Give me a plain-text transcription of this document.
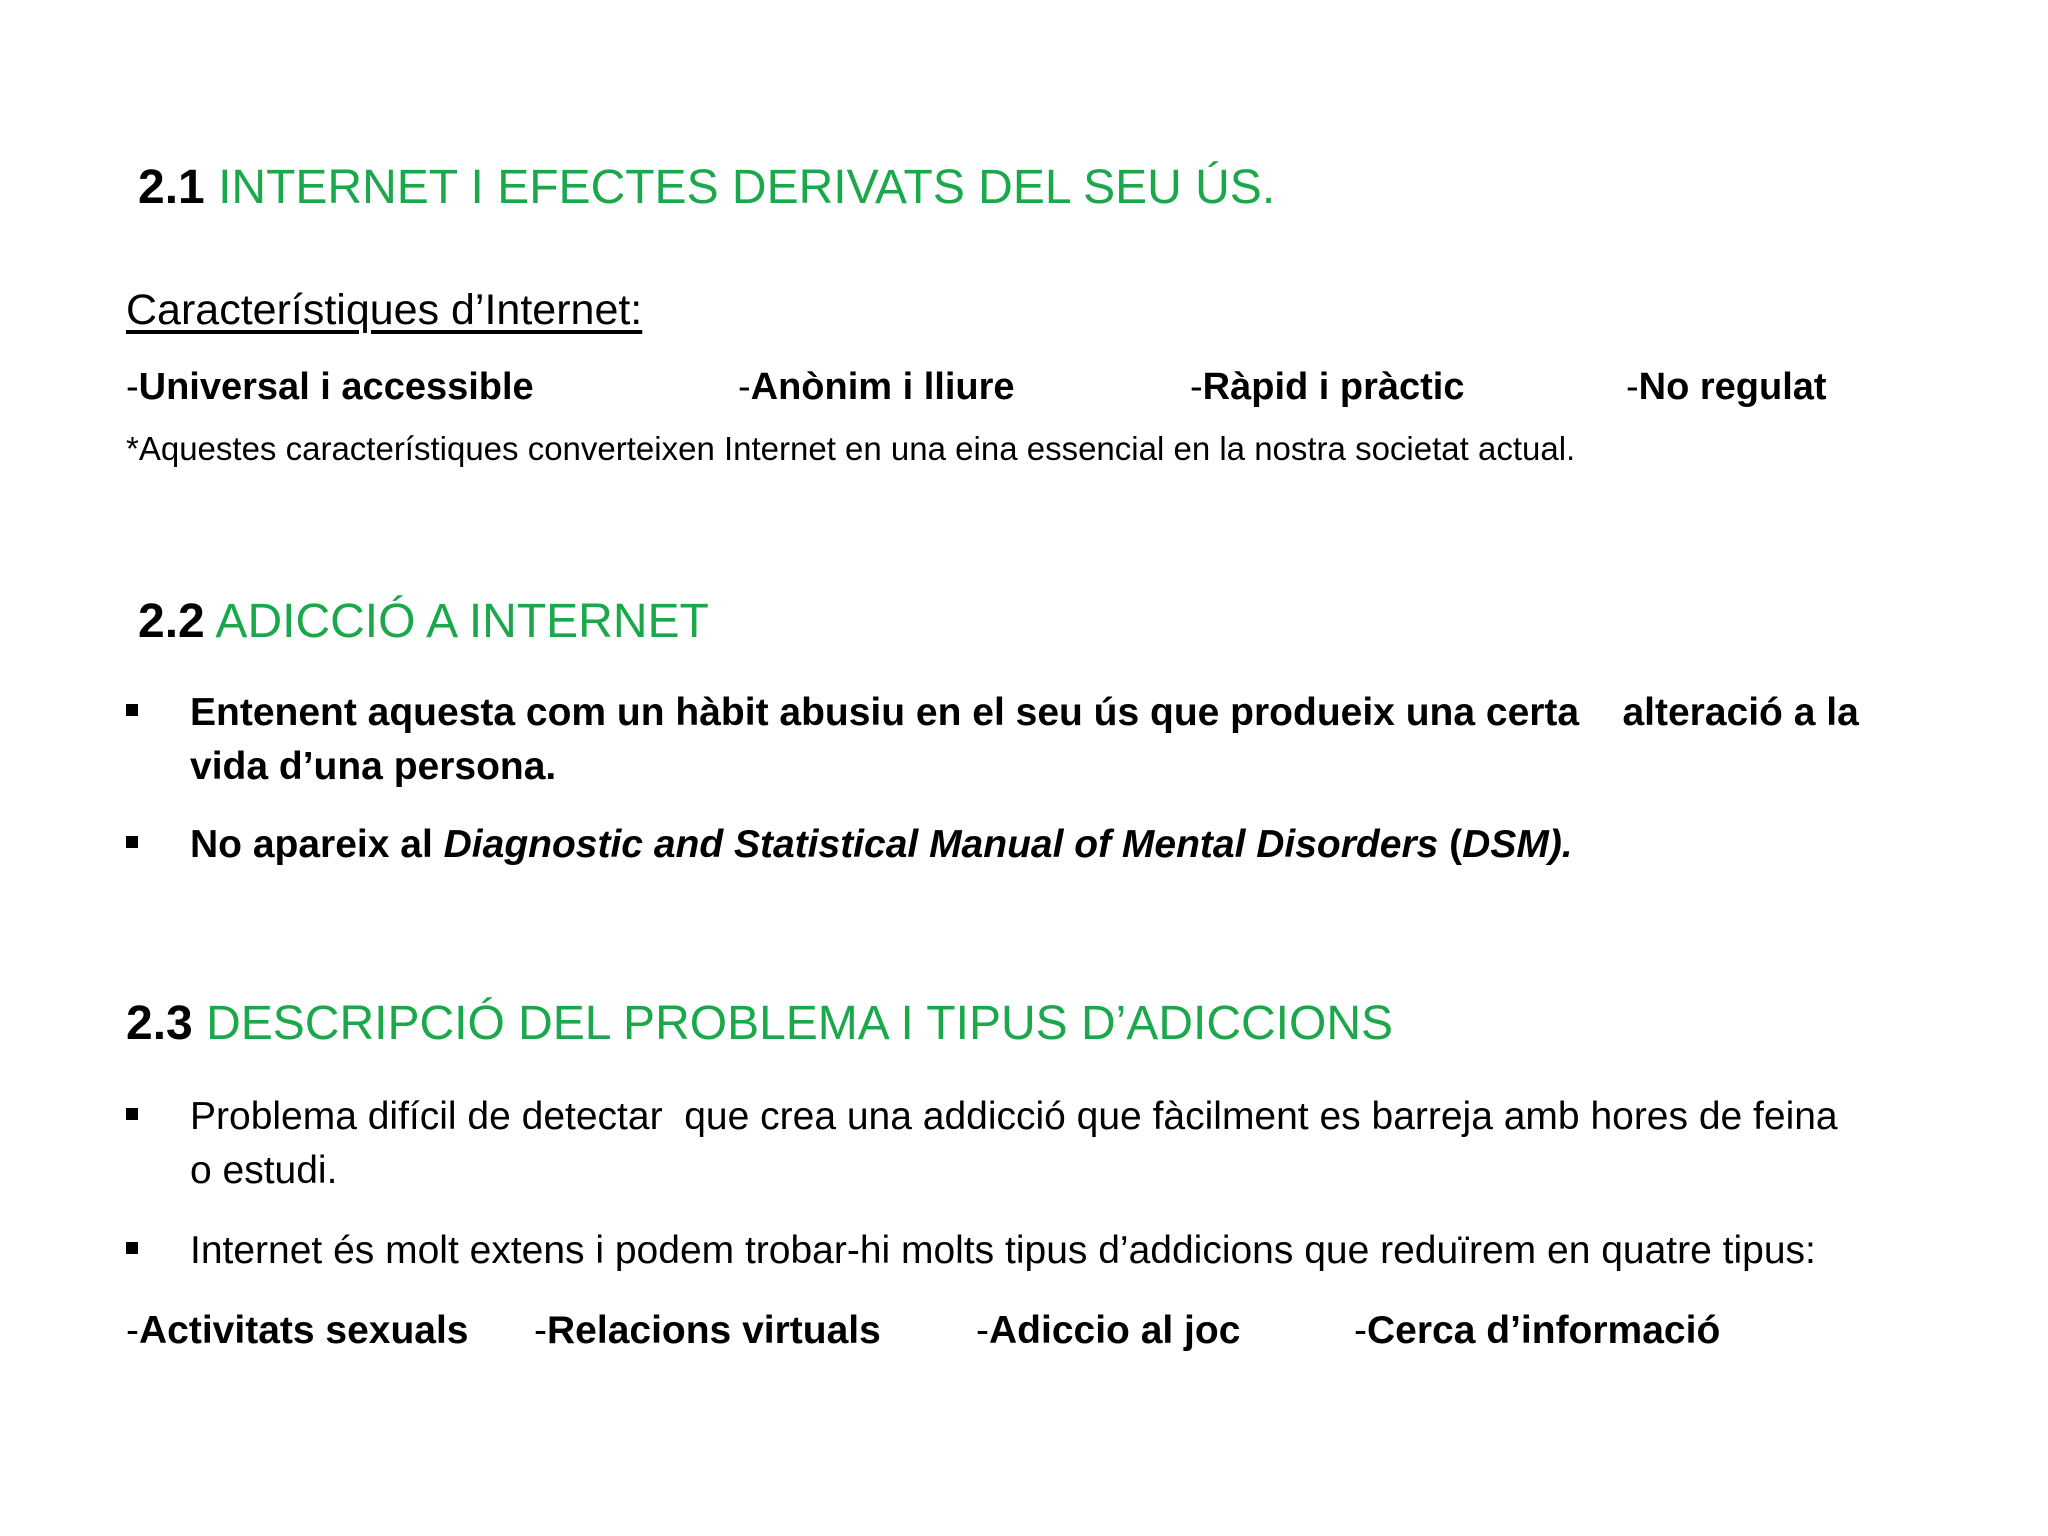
2.1 INTERNET I EFECTES DERIVATS DEL SEU ÚS.
Característiques d’Internet:
-Universal i accessible	-Anònim i lliure	-Ràpid i pràctic	-No regulat
*Aquestes característiques converteixen Internet en una eina essencial en la nostra societat actual.
2.2 ADICCIÓ A INTERNET
Entenent aquesta com un hàbit abusiu en el seu ús que produeix una certa    alteració a la
vida d’una persona.
No apareix al Diagnostic and Statistical Manual of Mental Disorders (DSM).
2.3 DESCRIPCIÓ DEL PROBLEMA I TIPUS D’ADICCIONS
Problema difícil de detectar  que crea una addicció que fàcilment es barreja amb hores de feina
o estudi.
Internet és molt extens i podem trobar-hi molts tipus d’addicions que reduïrem en quatre tipus:
-Activitats sexuals -Relacions virtuals -Adiccio al joc	-Cerca d’informació
